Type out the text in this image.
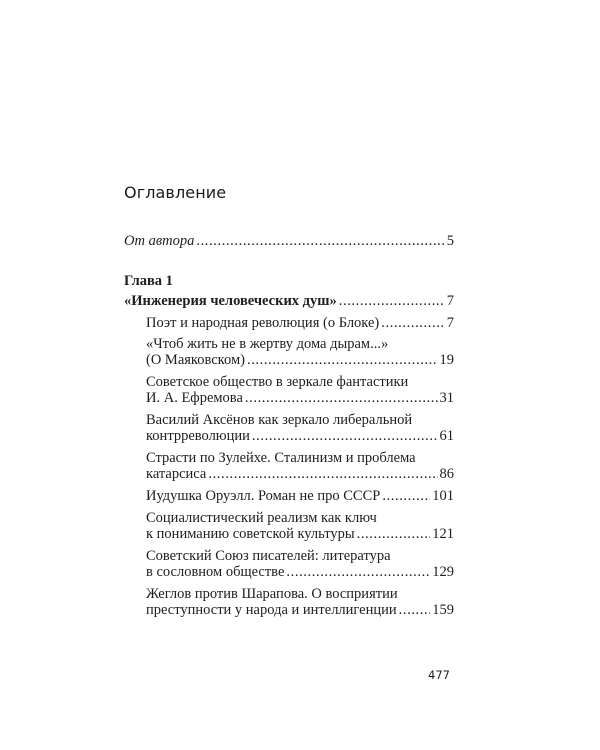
Оглавление
От автора .....	5
Глава 1
«Инженерия человеческих душ» .....	7
Поэт и народная революция (о Блоке) .....	7
«Чтоб жить не в жертву дома дырам...»
(О Маяковском) .....	19
Советское общество в зеркале фантастики
И. А. Ефремова .....	31
Василий Аксёнов как зеркало либеральной
контрреволюции .....	61
Страсти по Зулейхе. Сталинизм и проблема
катарсиса .....	86
Иудушка Оруэлл. Роман не про СССР .....	101
Социалистический реализм как ключ
к пониманию советской культуры .....	121
Советский Союз писателей: литература
в сословном обществе .....	129
Жеглов против Шарапова. О восприятии
преступности у народа и интеллигенции ..... 159
477
